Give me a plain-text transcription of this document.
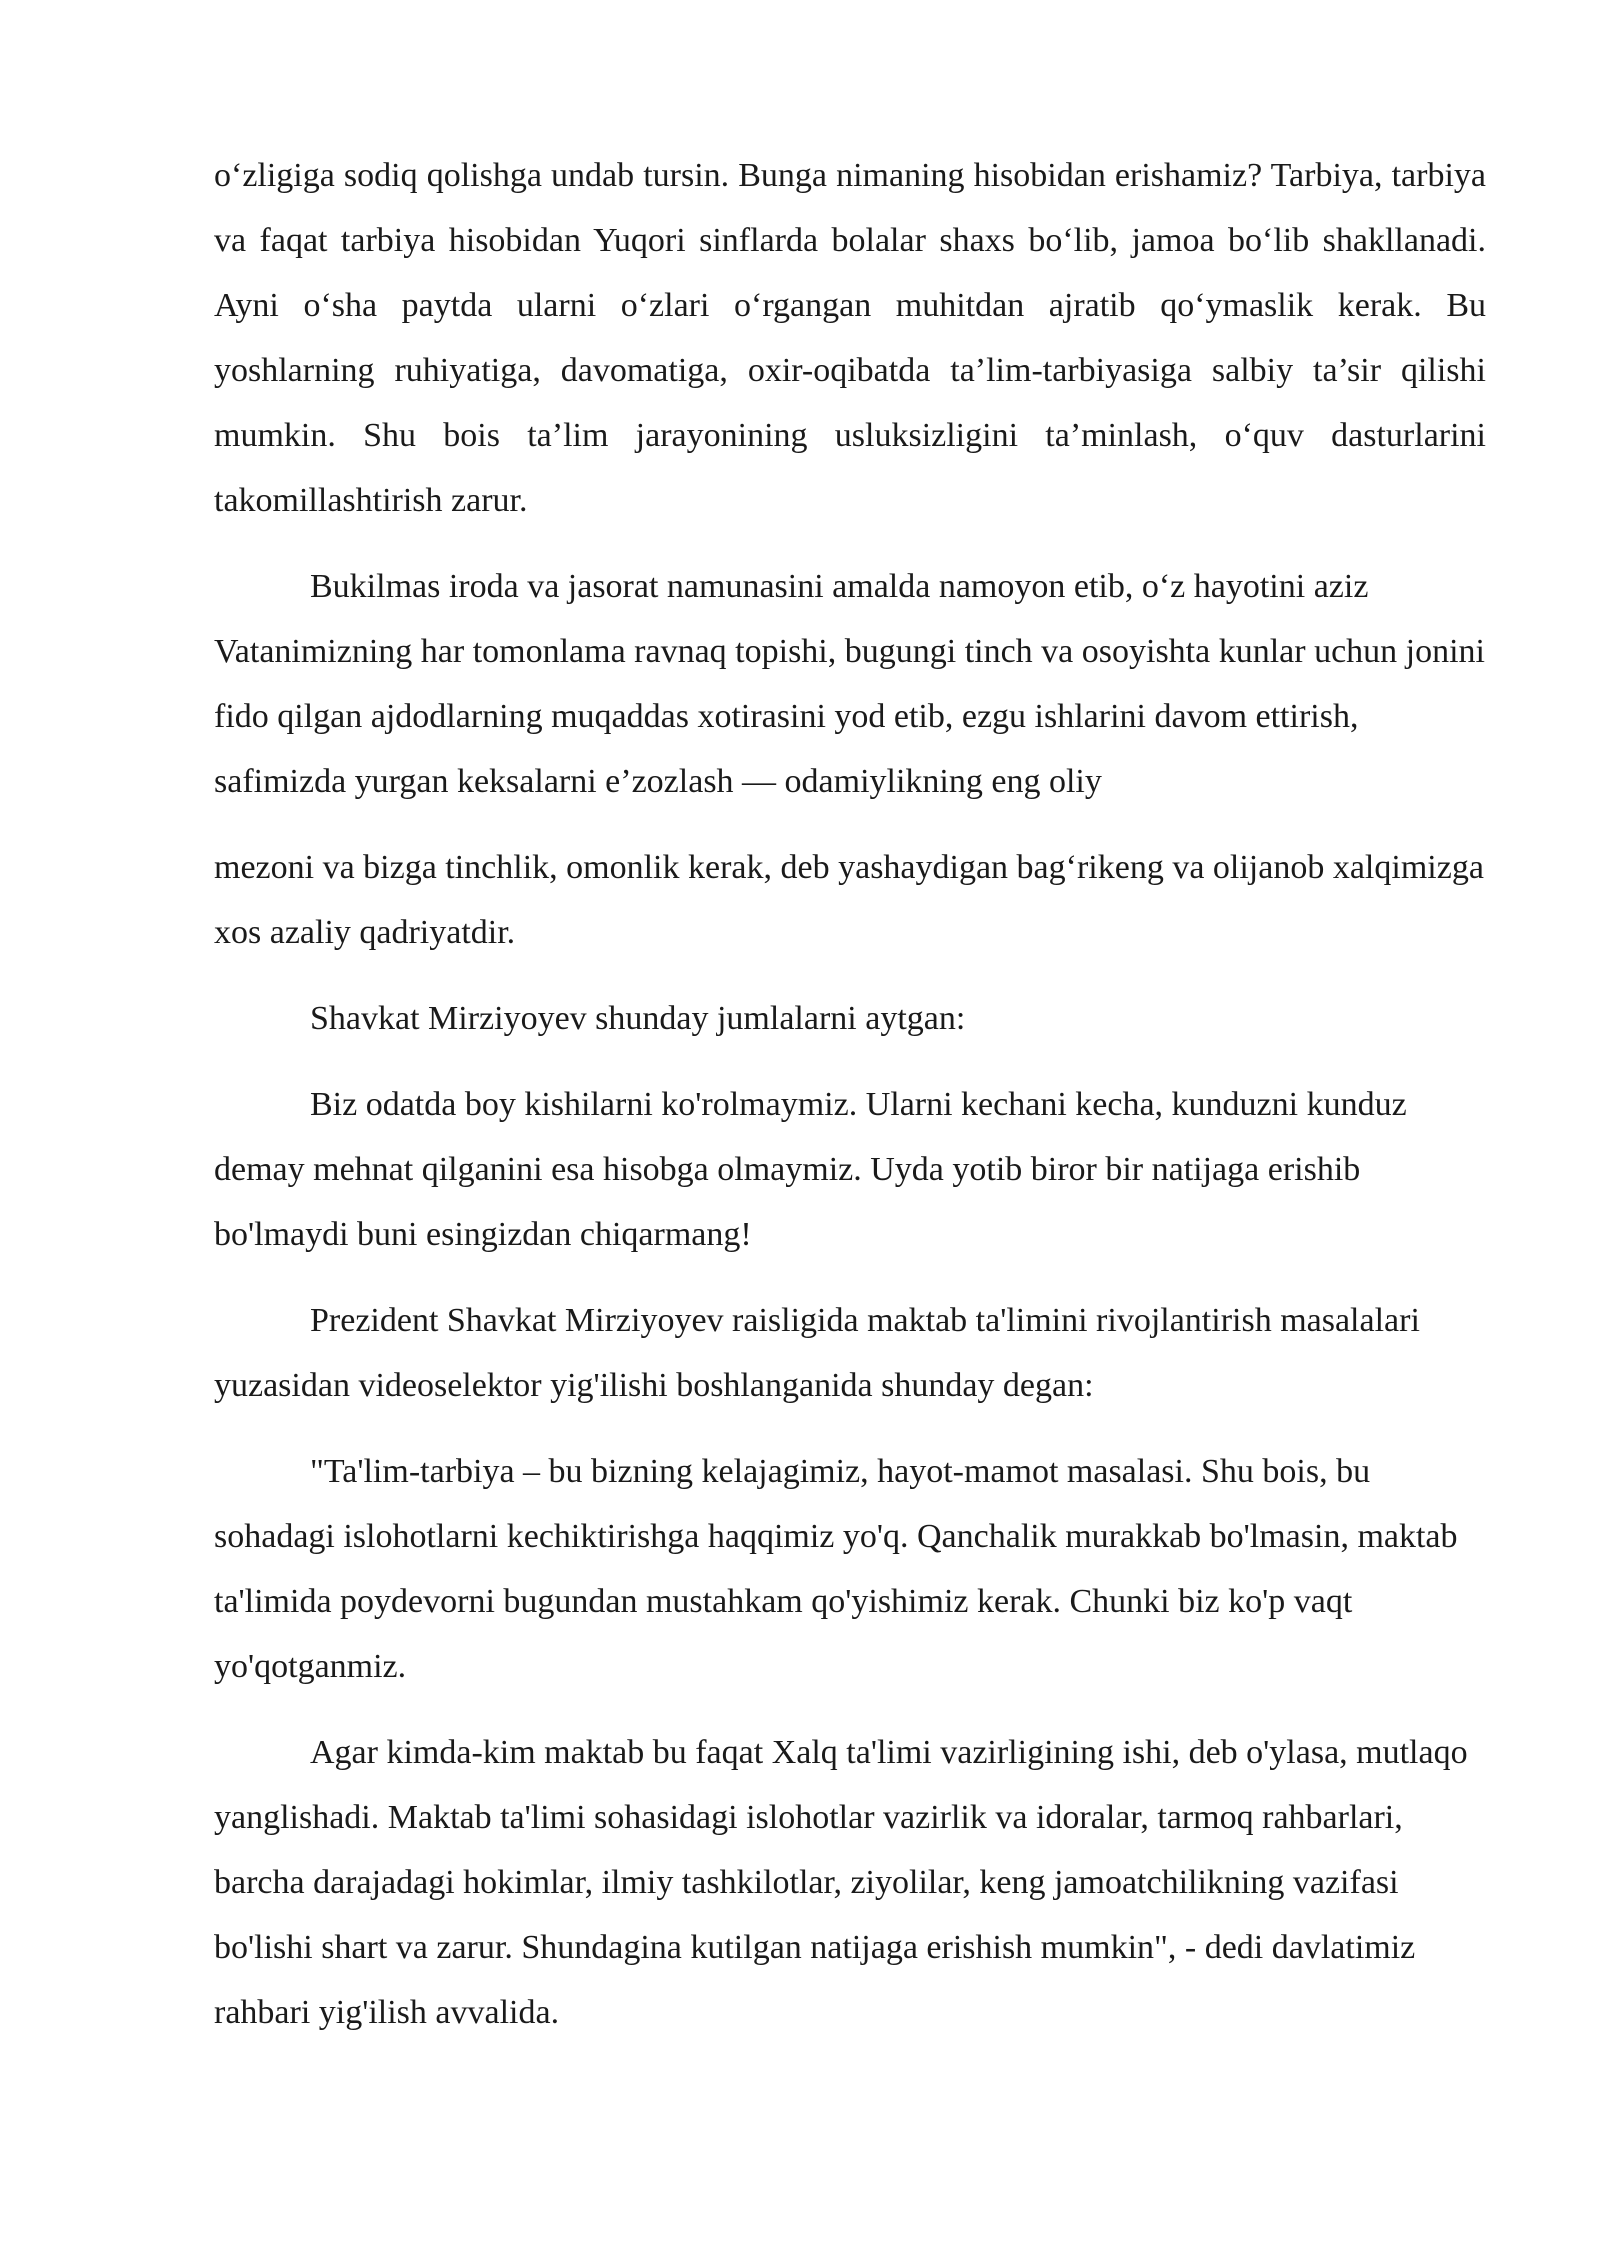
o‘zligiga sodiq qolishga undab tursin. Bunga nimaning hisobidan erishamiz? Tarbiya, tarbiya va faqat tarbiya hisobidan Yuqori sinflarda bolalar shaxs bo‘lib, jamoa bo‘lib shakllanadi. Ayni o‘sha paytda ularni o‘zlari o‘rgangan muhitdan ajratib qo‘ymaslik kerak. Bu yoshlarning ruhiyatiga, davomatiga, oxir-oqibatda ta’lim-tarbiyasiga salbiy ta’sir qilishi mumkin. Shu bois ta’lim jarayonining usluksizligini ta’minlash, o‘quv dasturlarini takomillashtirish zarur.

Bukilmas iroda va jasorat namunasini amalda namoyon etib, o‘z hayotini aziz Vatanimizning har tomonlama ravnaq topishi, bugungi tinch va osoyishta kunlar uchun jonini fido qilgan ajdodlarning muqaddas xotirasini yod etib, ezgu ishlarini davom ettirish, safimizda yurgan keksalarni e’zozlash — odamiylikning eng oliy

mezoni va bizga tinchlik, omonlik kerak, deb yashaydigan bag‘rikeng va olijanob xalqimizga xos azaliy qadriyatdir.

Shavkat Mirziyoyev shunday jumlalarni aytgan:

Biz odatda boy kishilarni ko'rolmaymiz. Ularni kechani kecha, kunduzni kunduz demay mehnat qilganini esa hisobga olmaymiz. Uyda yotib biror bir natijaga erishib bo'lmaydi buni esingizdan chiqarmang!

Prezident Shavkat Mirziyoyev raisligida maktab ta'limini rivojlantirish masalalari yuzasidan videoselektor yig'ilishi boshlanganida shunday degan:

"Ta'lim-tarbiya – bu bizning kelajagimiz, hayot-mamot masalasi. Shu bois, bu sohadagi islohotlarni kechiktirishga haqqimiz yo'q. Qanchalik murakkab bo'lmasin, maktab ta'limida poydevorni bugundan mustahkam qo'yishimiz kerak. Chunki biz ko'p vaqt yo'qotganmiz.

Agar kimda-kim maktab bu faqat Xalq ta'limi vazirligining ishi, deb o'ylasa, mutlaqo yanglishadi. Maktab ta'limi sohasidagi islohotlar vazirlik va idoralar, tarmoq rahbarlari, barcha darajadagi hokimlar, ilmiy tashkilotlar, ziyolilar, keng jamoatchilikning vazifasi bo'lishi shart va zarur. Shundagina kutilgan natijaga erishish mumkin", - dedi davlatimiz rahbari yig'ilish avvalida.
